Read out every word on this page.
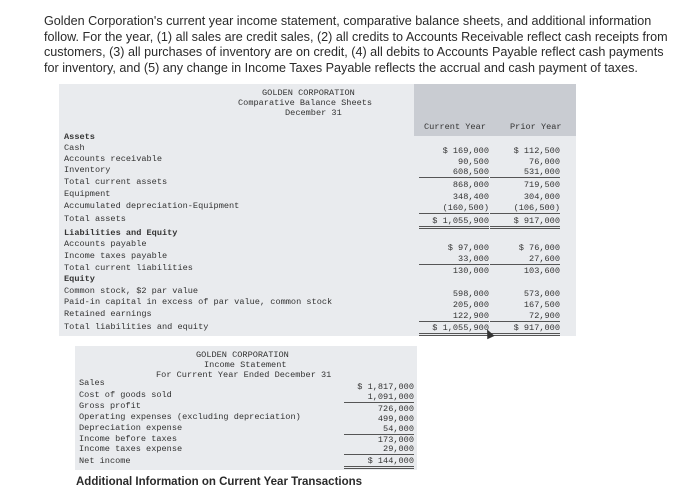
Golden Corporation's current year income statement, comparative balance sheets, and additional information follow. For the year, (1) all sales are credit sales, (2) all credits to Accounts Receivable reflect cash receipts from customers, (3) all purchases of inventory are on credit, (4) all debits to Accounts Payable reflect cash payments for inventory, and (5) any change in Income Taxes Payable reflects the accrual and cash payment of taxes.
GOLDEN CORPORATION
Comparative Balance Sheets
December 31
Current Year	Prior Year
Assets
Cash
Accounts receivable
Inventory
Total current assets
Equipment
Accumulated depreciation-Equipment
Total assets
Liabilities and Equity
Accounts payable
Income taxes payable
Total current liabilities
Equity
Common stock, $2 par value
Paid-in capital in excess of par value, common stock
Retained earnings
Total liabilities and equity
$ 169,000
90,500
608,500
868,000
348,400
(160,500)
$ 1,055,900
$ 97,000
33,000
130,000
598,000
205,000
122,900
$ 1,055,900
$ 112,500
76,000
531,000
719,500
304,000
(106,500)
$ 917,000
$ 76,000
27,600
103,600
573,000
167,500
72,900
$ 917,000
GOLDEN CORPORATION
Income Statement
For Current Year Ended December 31
Sales
Cost of goods sold
Gross profit
Operating expenses (excluding depreciation)
Depreciation expense
Income before taxes
Income taxes expense
Net income
$ 1,817,000
1,091,000
726,000
499,000
54,000
173,000
29,000
$ 144,000
Additional Information on Current Year Transactions
